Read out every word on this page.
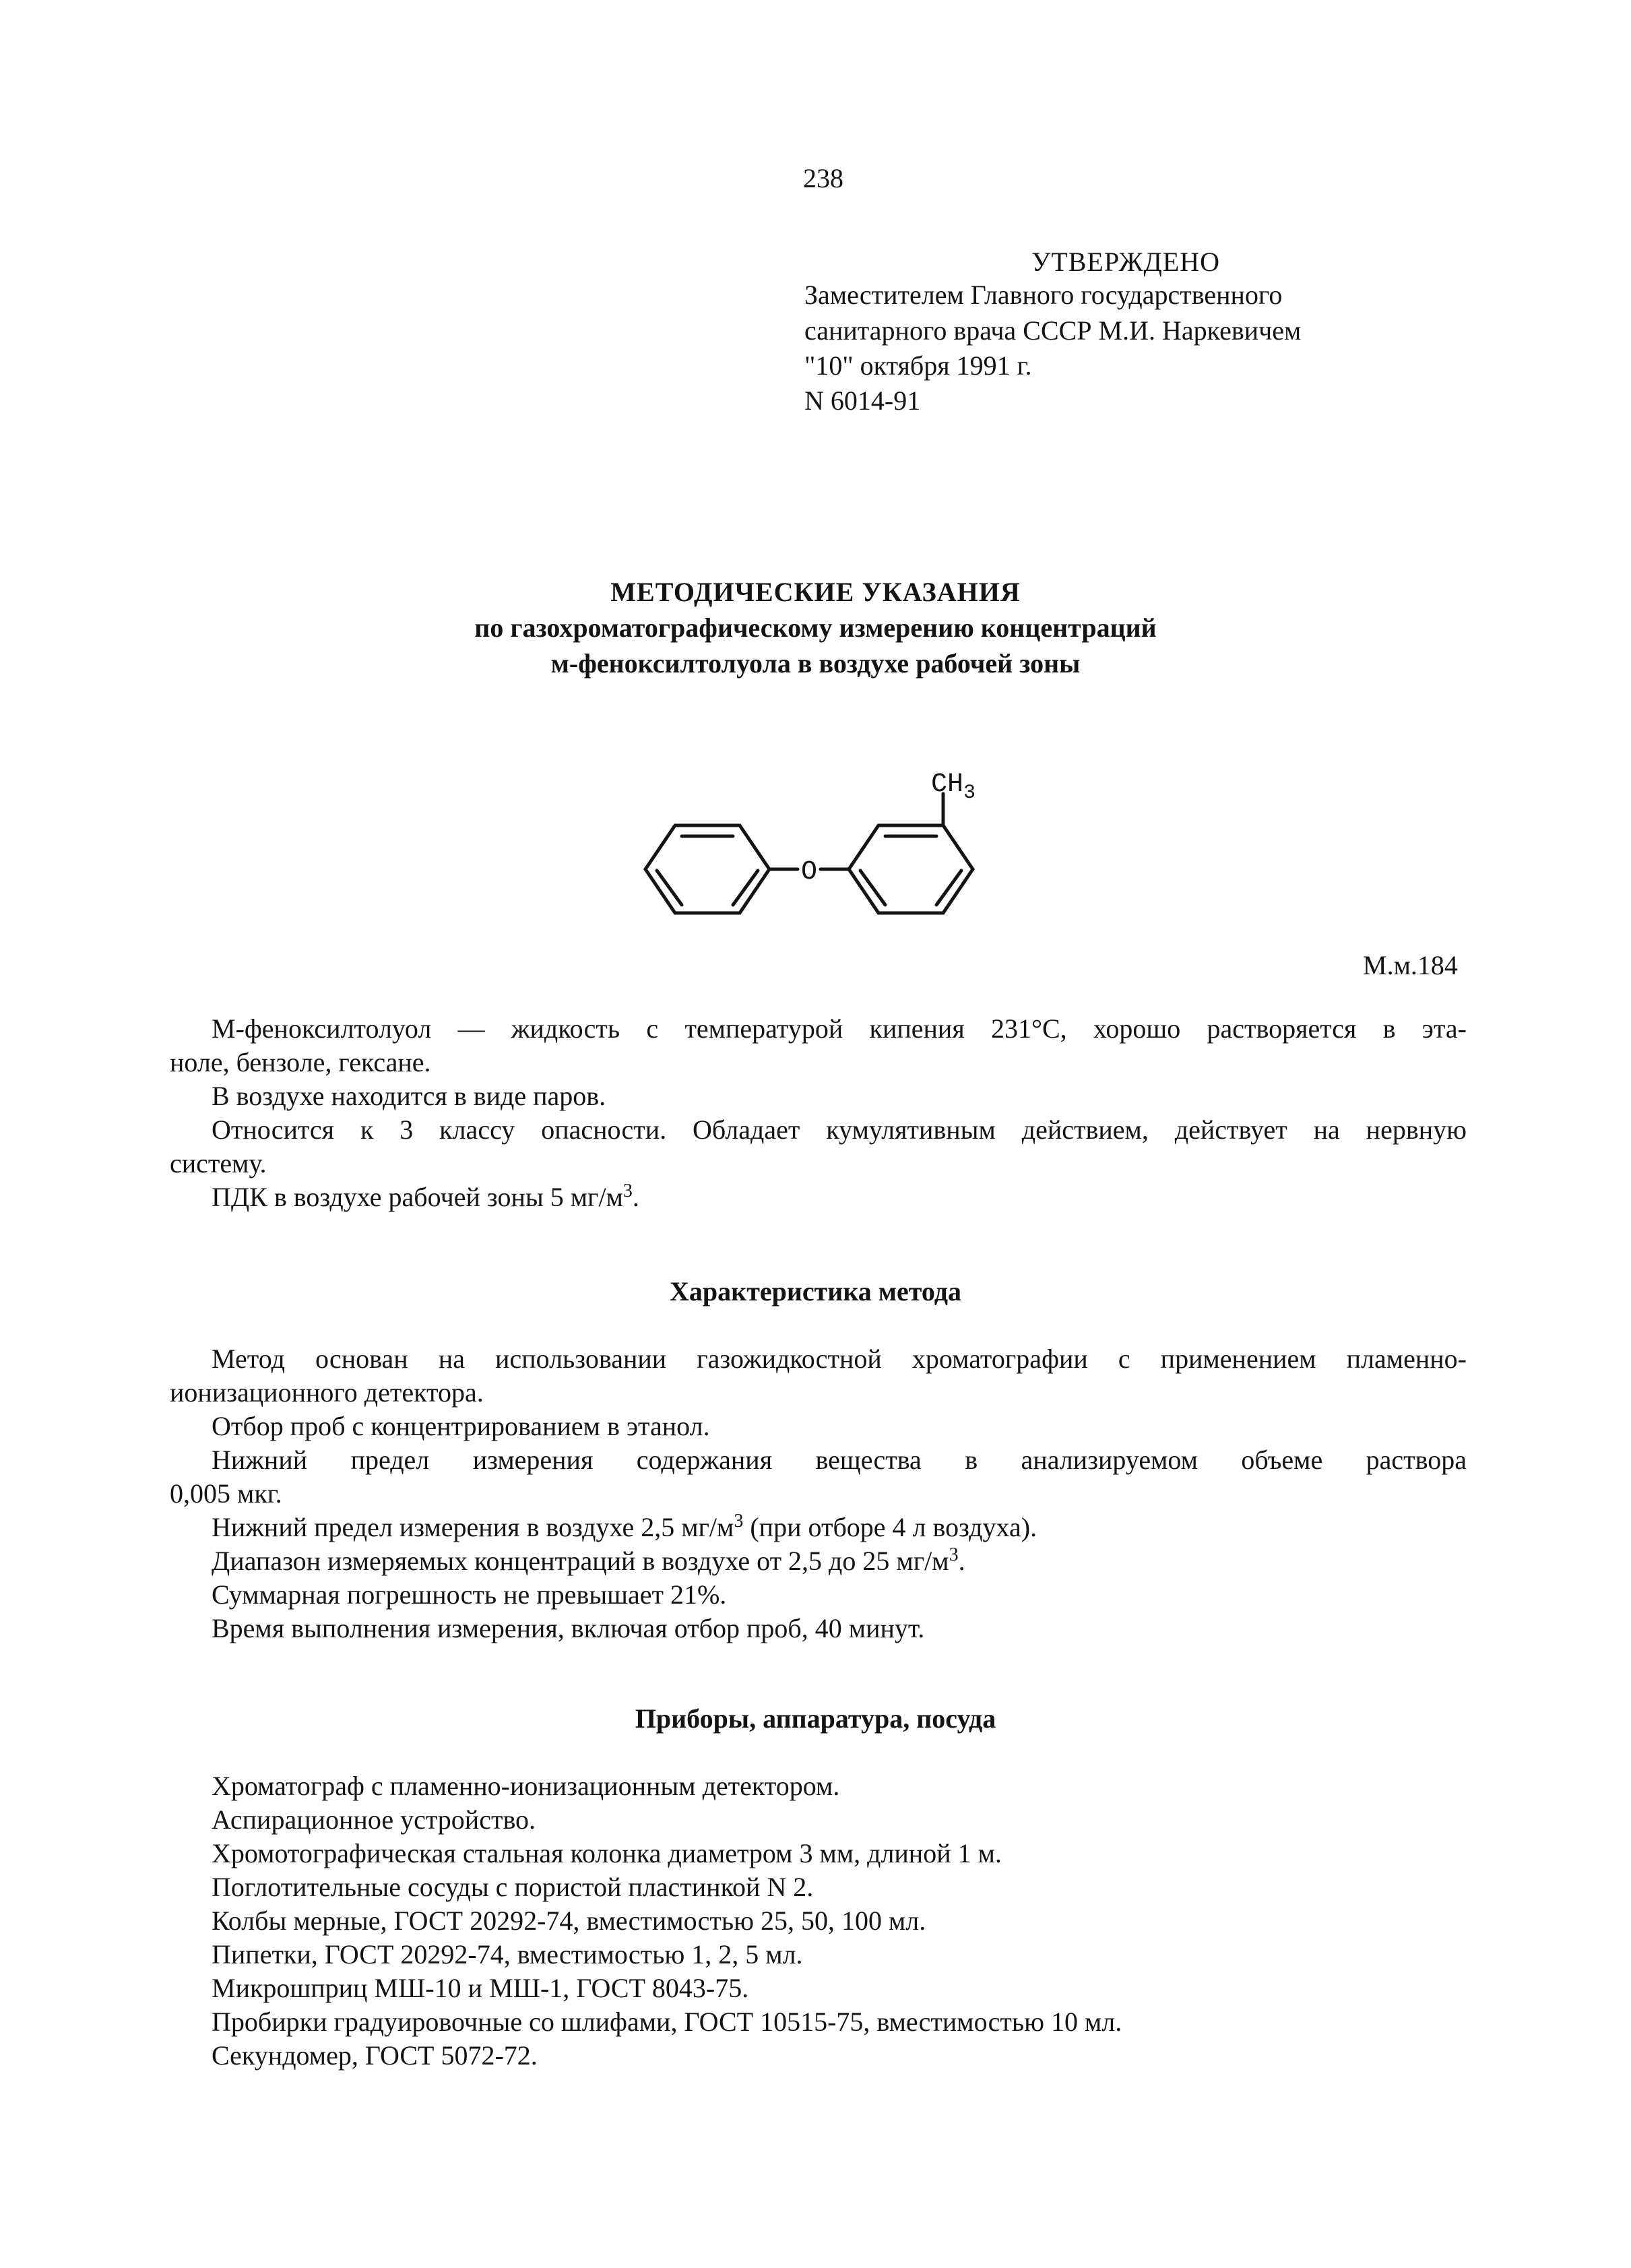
238
УТВЕРЖДЕНО
Заместителем Главного государственного
санитарного врача СССР М.И. Наркевичем
"10" октября 1991 г.
N 6014-91
МЕТОДИЧЕСКИЕ УКАЗАНИЯ
по газохроматографическому измерению концентраций
м-феноксилтолуола в воздухе рабочей зоны
O
$CH_3$
М.м.184

М-феноксилтолуол — жидкость с температурой кипения 231°С, хорошо растворяется в эта-

ноле, бензоле, гексане.

В воздухе находится в виде паров.

Относится к 3 классу опасности. Обладает кумулятивным действием, действует на нервную

систему.

ПДК в воздухе рабочей зоны 5 $мг/м^3$.

Характеристика метода

Метод основан на использовании газожидкостной хроматографии с применением пламенно-

ионизационного детектора.

Отбор проб с концентрированием в этанол.

Нижний предел измерения содержания вещества в анализируемом объеме раствора

0,005 мкг.

Нижний предел измерения в воздухе 2,5 $мг/м^3$ (при отборе 4 л воздуха).

Диапазон измеряемых концентраций в воздухе от 2,5 до 25 $мг/м^3$.

Суммарная погрешность не превышает 21%.

Время выполнения измерения, включая отбор проб, 40 минут.

Приборы, аппаратура, посуда

Хроматограф с пламенно-ионизационным детектором.

Аспирационное устройство.

Хромотографическая стальная колонка диаметром 3 мм, длиной 1 м.

Поглотительные сосуды с пористой пластинкой N 2.

Колбы мерные, ГОСТ 20292-74, вместимостью 25, 50, 100 мл.

Пипетки, ГОСТ 20292-74, вместимостью 1, 2, 5 мл.

Микрошприц МШ-10 и МШ-1, ГОСТ 8043-75.

Пробирки градуировочные со шлифами, ГОСТ 10515-75, вместимостью 10 мл.

Секундомер, ГОСТ 5072-72.
